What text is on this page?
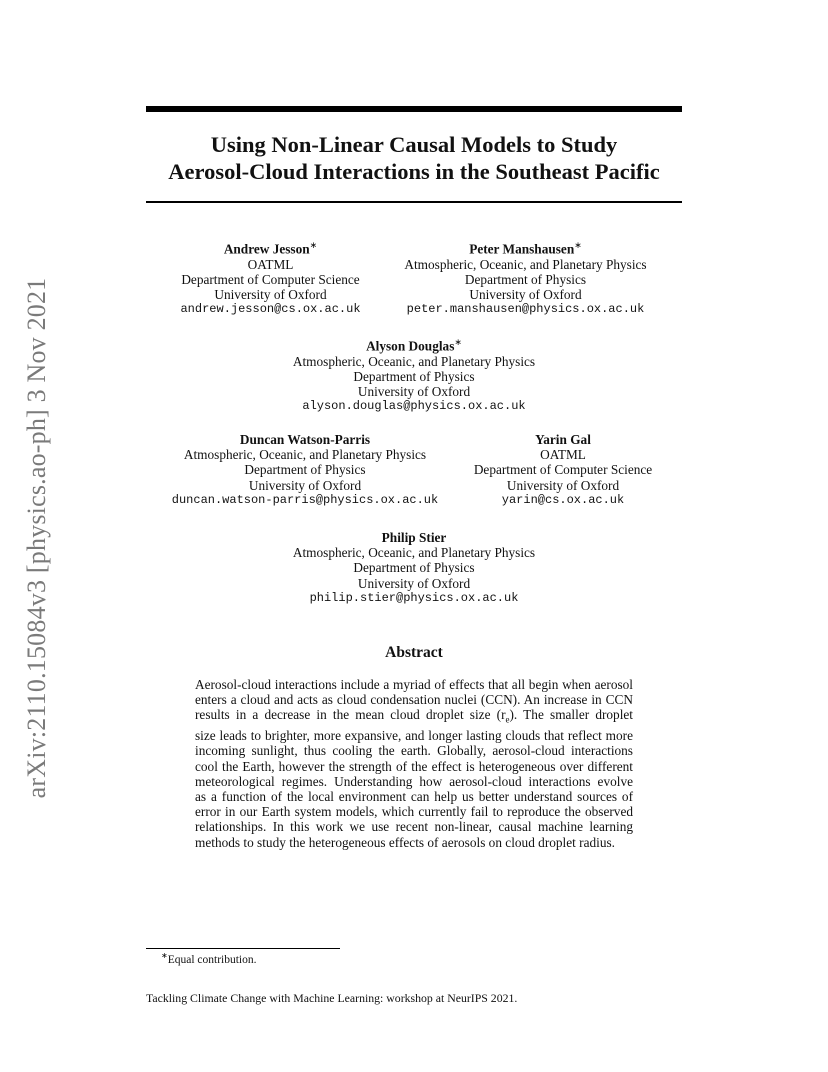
arXiv:2110.15084v3 [physics.ao-ph] 3 Nov 2021
Using Non-Linear Causal Models to Study
Aerosol-Cloud Interactions in the Southeast Pacific
Andrew Jesson∗
OATML
Department of Computer Science
University of Oxford
andrew.jesson@cs.ox.ac.uk
Peter Manshausen∗
Atmospheric, Oceanic, and Planetary Physics
Department of Physics
University of Oxford
peter.manshausen@physics.ox.ac.uk
Alyson Douglas∗
Atmospheric, Oceanic, and Planetary Physics
Department of Physics
University of Oxford
alyson.douglas@physics.ox.ac.uk
Duncan Watson-Parris
Atmospheric, Oceanic, and Planetary Physics
Department of Physics
University of Oxford
duncan.watson-parris@physics.ox.ac.uk
Yarin Gal
OATML
Department of Computer Science
University of Oxford
yarin@cs.ox.ac.uk
Philip Stier
Atmospheric, Oceanic, and Planetary Physics
Department of Physics
University of Oxford
philip.stier@physics.ox.ac.uk
Abstract
Aerosol-cloud interactions include a myriad of effects that all begin when aerosol
enters a cloud and acts as cloud condensation nuclei (CCN). An increase in CCN
results in a decrease in the mean cloud droplet size $(r_e)$. The smaller droplet
size leads to brighter, more expansive, and longer lasting clouds that reflect more
incoming sunlight, thus cooling the earth. Globally, aerosol-cloud interactions
cool the Earth, however the strength of the effect is heterogeneous over different
meteorological regimes. Understanding how aerosol-cloud interactions evolve
as a function of the local environment can help us better understand sources of
error in our Earth system models, which currently fail to reproduce the observed
relationships. In this work we use recent non-linear, causal machine learning
methods to study the heterogeneous effects of aerosols on cloud droplet radius.
∗Equal contribution.
Tackling Climate Change with Machine Learning: workshop at NeurIPS 2021.
